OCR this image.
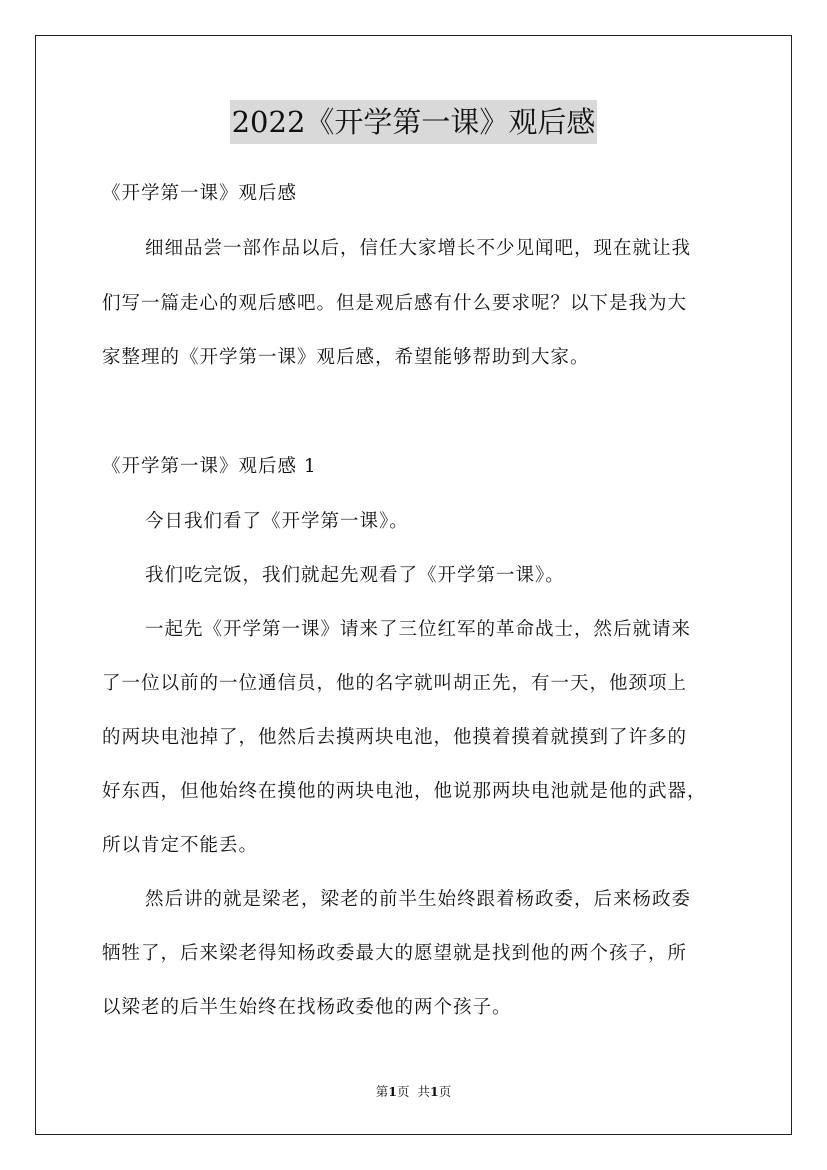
2022《开学第一课》观后感

《开学第一课》观后感

细细品尝一部作品以后，信任大家增长不少见闻吧，现在就让我

们写一篇走心的观后感吧。但是观后感有什么要求呢？以下是我为大

家整理的《开学第一课》观后感，希望能够帮助到大家。

《开学第一课》观后感 1

今日我们看了《开学第一课》。

我们吃完饭，我们就起先观看了《开学第一课》。

一起先《开学第一课》请来了三位红军的革命战士，然后就请来

了一位以前的一位通信员，他的名字就叫胡正先，有一天，他颈项上

的两块电池掉了，他然后去摸两块电池，他摸着摸着就摸到了许多的

好东西，但他始终在摸他的两块电池，他说那两块电池就是他的武器，

所以肯定不能丢。

然后讲的就是梁老，梁老的前半生始终跟着杨政委，后来杨政委

牺牲了，后来梁老得知杨政委最大的愿望就是找到他的两个孩子，所

以梁老的后半生始终在找杨政委他的两个孩子。

第1页 共1页
